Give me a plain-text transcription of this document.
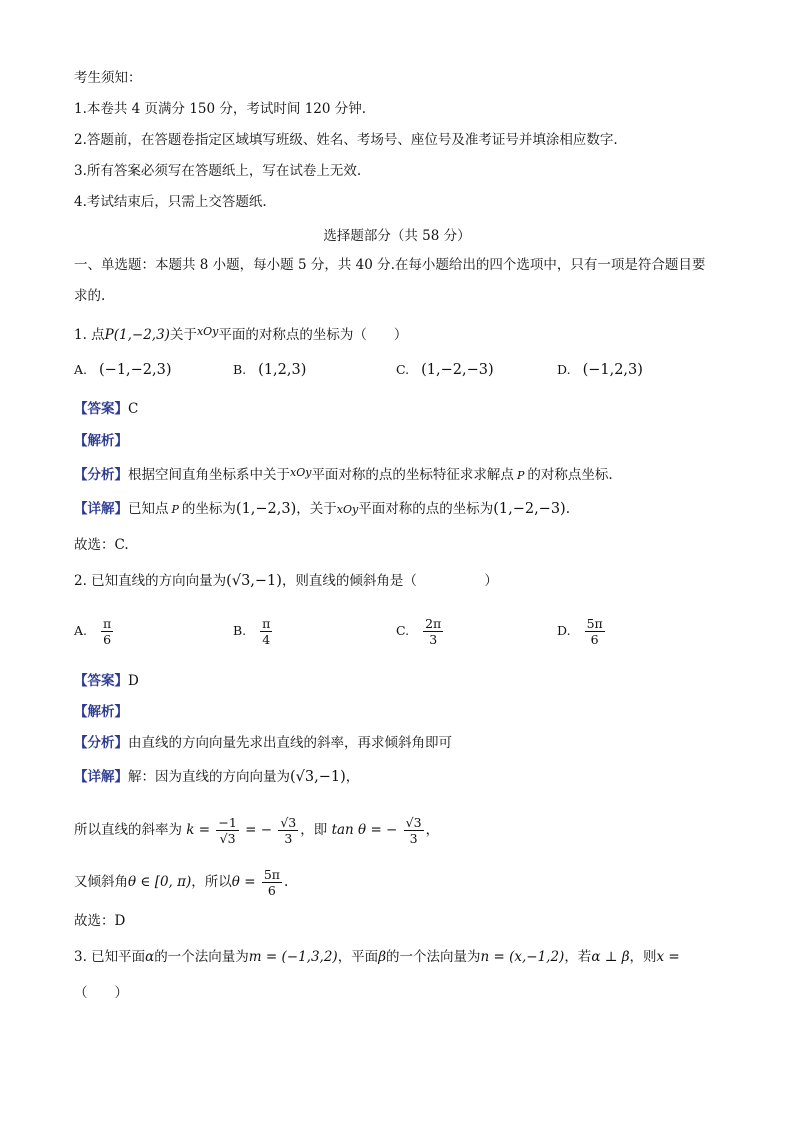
考生须知：
1.本卷共 4 页满分 150 分，考试时间 120 分钟.
2.答题前，在答题卷指定区域填写班级、姓名、考场号、座位号及准考证号并填涂相应数字.
3.所有答案必须写在答题纸上，写在试卷上无效.
4.考试结束后，只需上交答题纸.
选择题部分（共 58 分）
一、单选题：本题共 8 小题，每小题 5 分，共 40 分.在每小题给出的四个选项中，只有一项是符合题目要
求的.
1. 点P(1,−2,3)关于$^{xOy}$平面的对称点的坐标为（　　）
A. (−1,−2,3)	B. (1,2,3)	C. (1,−2,−3)	D. (−1,2,3)
【答案】C
【解析】
【分析】根据空间直角坐标系中关于$^{xOy}$平面对称的点的坐标特征求求解点 P 的对称点坐标.
【详解】已知点 P 的坐标为(1,−2,3)，关于xOy平面对称的点的坐标为(1,−2,−3).
故选：C.
2. 已知直线的方向向量为(√3,−1)，则直线的倾斜角是（　　　　　）
A. $\frac{\pi}{6}$	B. $\frac{\pi}{4}$	C. $\frac{2\pi}{3}$	D. $\frac{5\pi}{6}$
【答案】D
【解析】
【分析】由直线的方向向量先求出直线的斜率，再求倾斜角即可
【详解】解：因为直线的方向向量为(√3,−1)，
所以直线的斜率为 $k = \frac{-1}{√3}$ = − $\frac{√3}{3}$ ，即 tan θ = − $\frac{√3}{3}$ ，
又倾斜角θ ∈ [0, π)，所以$\theta = \frac{5\pi}{6}$ .
故选：D
3. 已知平面α的一个法向量为m = (−1,3,2)，平面β的一个法向量为n = (x,−1,2)，若α ⊥ β，则x =
（　　）
